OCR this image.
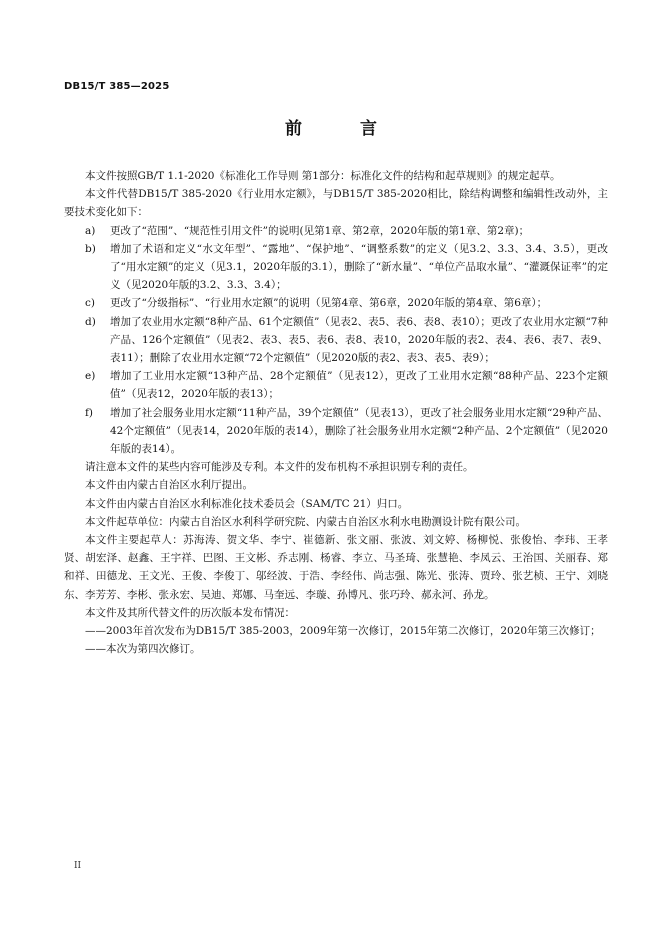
DB15/T 385—2025
前 言

本文件按照GB/T 1.1-2020《标准化工作导则 第1部分：标准化文件的结构和起草规则》的规定起草。

本文件代替DB15/T 385-2020《行业用水定额》，与DB15/T 385-2020相比，除结构调整和编辑性改动外，主要技术变化如下：

a) 更改了“范围”、“规范性引用文件”的说明(见第1章、第2章，2020年版的第1章、第2章)；
b) 增加了术语和定义“水文年型”、“露地”、“保护地”、“调整系数”的定义（见3.2、3.3、3.4、3.5），更改了“用水定额”的定义（见3.1，2020年版的3.1），删除了“新水量”、“单位产品取水量”、“灌溉保证率”的定义（见2020年版的3.2、3.3、3.4）；
c) 更改了“分级指标”、“行业用水定额”的说明（见第4章、第6章，2020年版的第4章、第6章）；
d) 增加了农业用水定额“8种产品、61个定额值”（见表2、表5、表6、表8、表10）；更改了农业用水定额“7种产品、126个定额值”（见表2、表3、表5、表6、表8、表10，2020年版的表2、表4、表6、表7、表9、表11）；删除了农业用水定额“72个定额值”（见2020版的表2、表3、表5、表9）；
e) 增加了工业用水定额“13种产品、28个定额值”（见表12），更改了工业用水定额“88种产品、223个定额值”（见表12，2020年版的表13）；
f) 增加了社会服务业用水定额“11种产品，39个定额值”（见表13），更改了社会服务业用水定额“29种产品、42个定额值”（见表14，2020年版的表14），删除了社会服务业用水定额“2种产品、2个定额值”（见2020年版的表14）。

请注意本文件的某些内容可能涉及专利。本文件的发布机构不承担识别专利的责任。

本文件由内蒙古自治区水利厅提出。

本文件由内蒙古自治区水利标准化技术委员会（SAM/TC 21）归口。

本文件起草单位：内蒙古自治区水利科学研究院、内蒙古自治区水利水电勘测设计院有限公司。

本文件主要起草人：苏海涛、贺文华、李宁、崔德新、张文丽、张波、刘文婷、杨柳悦、张俊怡、李玮、王孝贤、胡宏泽、赵鑫、王宇祥、巴图、王文彬、乔志刚、杨睿、李立、马圣琦、张慧艳、李凤云、王治国、关丽春、郑和祥、田德龙、王文光、王俊、李俊丁、邬经波、于浩、李经伟、尚志强、陈光、张涛、贾玲、张艺桢、王宁、刘晓东、李芳芳、李彬、张永宏、吴迪、郑娜、马奎远、李璇、孙博凡、张巧玲、郝永河、孙龙。

本文件及其所代替文件的历次版本发布情况：

——2003年首次发布为DB15/T 385-2003，2009年第一次修订，2015年第二次修订，2020年第三次修订；

——本次为第四次修订。

II
